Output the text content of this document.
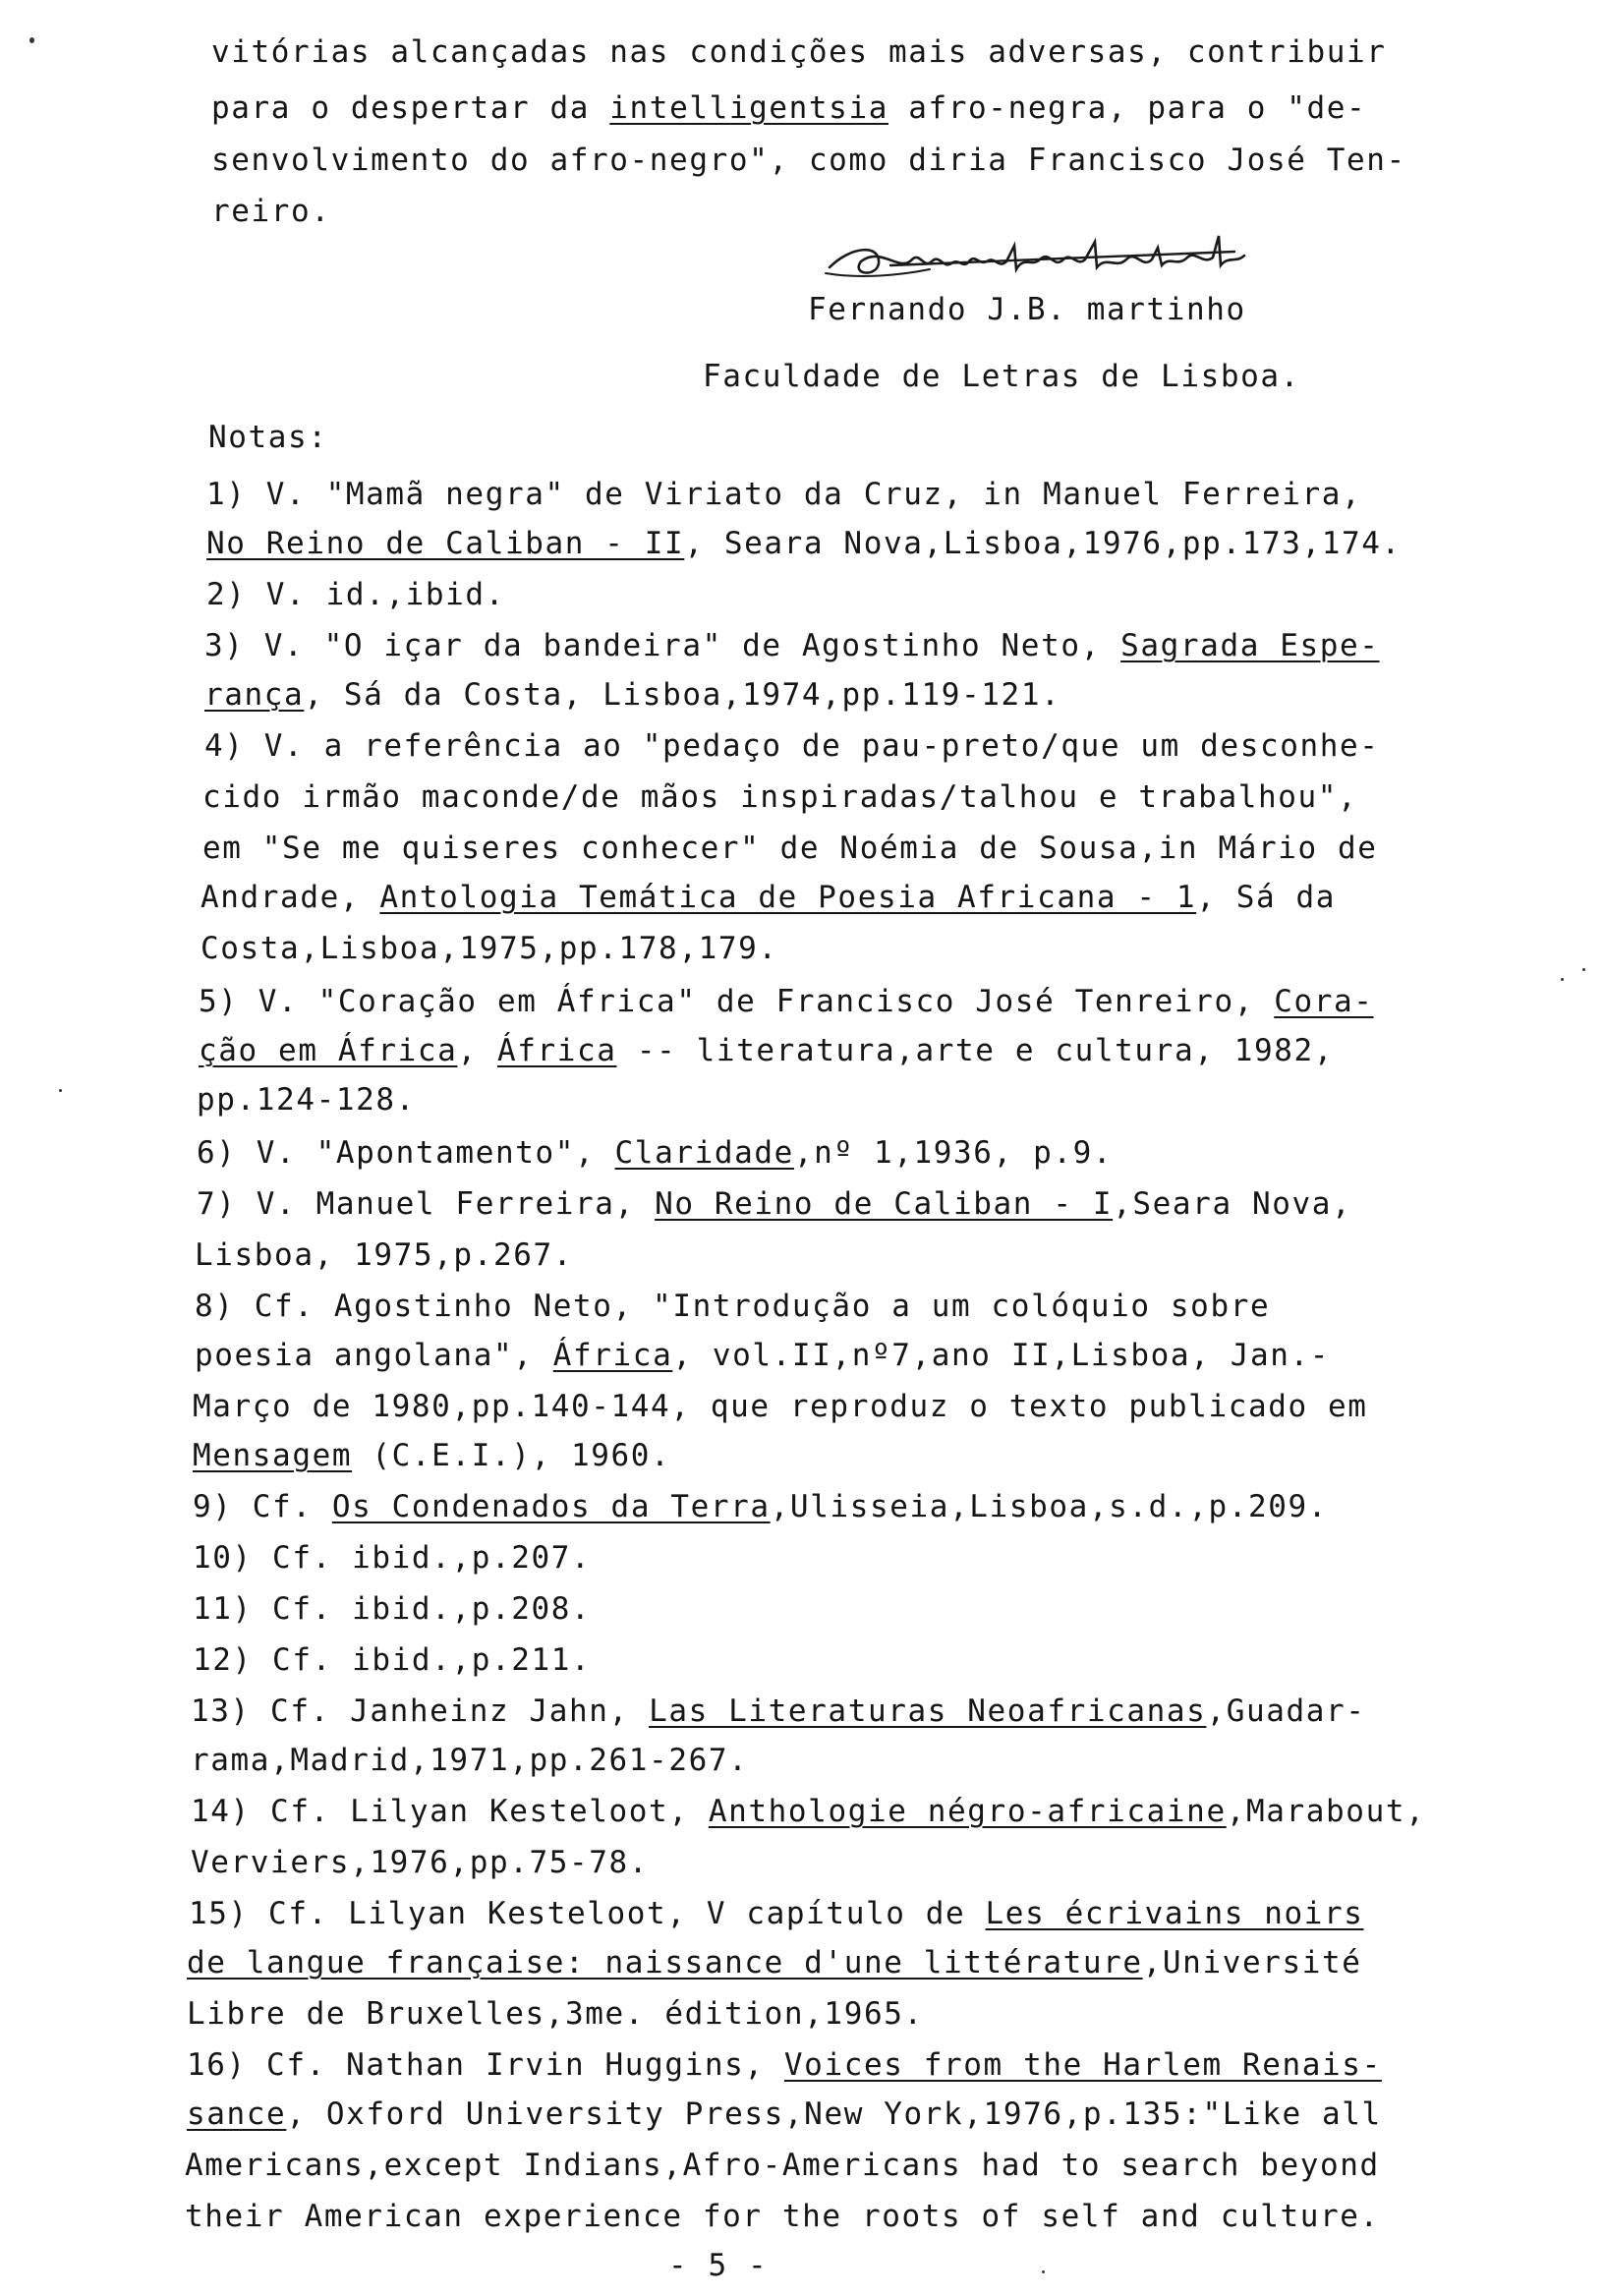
vitórias alcançadas nas condições mais adversas, contribuir
para o despertar da intelligentsia afro-negra, para o "de-
senvolvimento do afro-negro", como diria Francisco José Ten-
reiro.
Fernando J.B. martinho
Faculdade de Letras de Lisboa.
Notas:
1) V. "Mamã negra" de Viriato da Cruz, in Manuel Ferreira,
No Reino de Caliban - II, Seara Nova,Lisboa,1976,pp.173,174.
2) V. id.,ibid.
3) V. "O içar da bandeira" de Agostinho Neto, Sagrada Espe-
rança, Sá da Costa, Lisboa,1974,pp.119-121.
4) V. a referência ao "pedaço de pau-preto/que um desconhe-
cido irmão maconde/de mãos inspiradas/talhou e trabalhou",
em "Se me quiseres conhecer" de Noémia de Sousa,in Mário de
Andrade, Antologia Temática de Poesia Africana - 1, Sá da
Costa,Lisboa,1975,pp.178,179.
5) V. "Coração em África" de Francisco José Tenreiro, Cora-
ção em África, África -- literatura,arte e cultura, 1982,
pp.124-128.
6) V. "Apontamento", Claridade,nº 1,1936, p.9.
7) V. Manuel Ferreira, No Reino de Caliban - I,Seara Nova,
Lisboa, 1975,p.267.
8) Cf. Agostinho Neto, "Introdução a um colóquio sobre
poesia angolana", África, vol.II,nº7,ano II,Lisboa, Jan.-
Março de 1980,pp.140-144, que reproduz o texto publicado em
Mensagem (C.E.I.), 1960.
9) Cf. Os Condenados da Terra,Ulisseia,Lisboa,s.d.,p.209.
10) Cf. ibid.,p.207.
11) Cf. ibid.,p.208.
12) Cf. ibid.,p.211.
13) Cf. Janheinz Jahn, Las Literaturas Neoafricanas,Guadar-
rama,Madrid,1971,pp.261-267.
14) Cf. Lilyan Kesteloot, Anthologie négro-africaine,Marabout,
Verviers,1976,pp.75-78.
15) Cf. Lilyan Kesteloot, V capítulo de Les écrivains noirs
de langue française: naissance d'une littérature,Université
Libre de Bruxelles,3me. édition,1965.
16) Cf. Nathan Irvin Huggins, Voices from the Harlem Renais-
sance, Oxford University Press,New York,1976,p.135:"Like all
Americans,except Indians,Afro-Americans had to search beyond
their American experience for the roots of self and culture.
- 5 -
